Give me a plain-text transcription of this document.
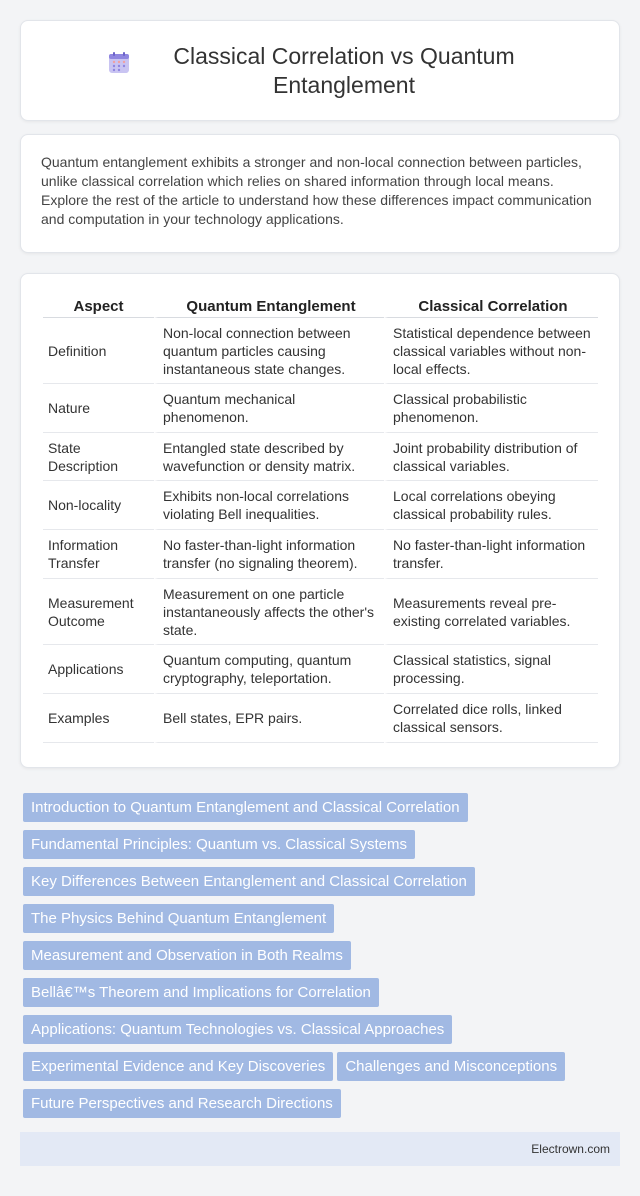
Classical Correlation vs Quantum Entanglement

Quantum entanglement exhibits a stronger and non-local connection between particles, unlike classical correlation which relies on shared information through local means. Explore the rest of the article to understand how these differences impact communication and computation in your technology applications.

Aspect	Quantum Entanglement	Classical Correlation
Definition	Non-local connection between quantum particles causing instantaneous state changes.	Statistical dependence between classical variables without non-local effects.
Nature	Quantum mechanical phenomenon.	Classical probabilistic phenomenon.
State Description	Entangled state described by wavefunction or density matrix.	Joint probability distribution of classical variables.
Non-locality	Exhibits non-local correlations violating Bell inequalities.	Local correlations obeying classical probability rules.
Information Transfer	No faster-than-light information transfer (no signaling theorem).	No faster-than-light information transfer.
Measurement Outcome	Measurement on one particle instantaneously affects the other's state.	Measurements reveal pre-existing correlated variables.
Applications	Quantum computing, quantum cryptography, teleportation.	Classical statistics, signal processing.
Examples	Bell states, EPR pairs.	Correlated dice rolls, linked classical sensors.
Introduction to Quantum Entanglement and Classical Correlation
Fundamental Principles: Quantum vs. Classical Systems
Key Differences Between Entanglement and Classical Correlation
The Physics Behind Quantum Entanglement
Measurement and Observation in Both Realms
Bellâ€™s Theorem and Implications for Correlation
Applications: Quantum Technologies vs. Classical Approaches
Experimental Evidence and Key Discoveries Challenges and Misconceptions
Future Perspectives and Research Directions

Electrown.com
